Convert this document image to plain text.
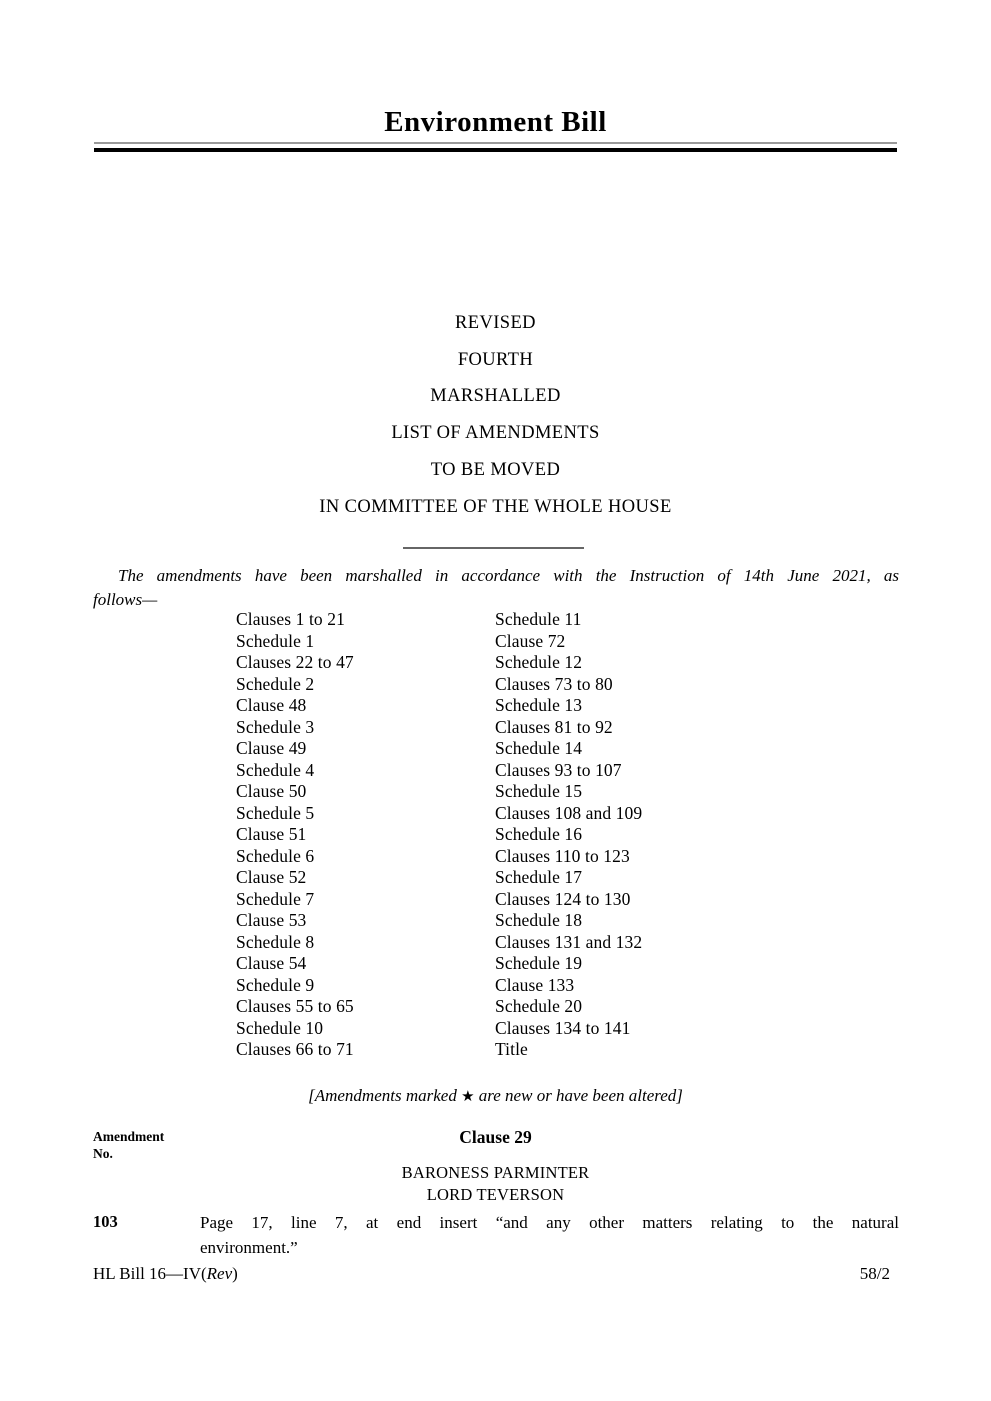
Environment Bill
REVISED
FOURTH
MARSHALLED
LIST OF AMENDMENTS
TO BE MOVED
IN COMMITTEE OF THE WHOLE HOUSE
The amendments have been marshalled in accordance with the Instruction of 14th June 2021, as
follows—
Clauses 1 to 21
Schedule 1
Clauses 22 to 47
Schedule 2
Clause 48
Schedule 3
Clause 49
Schedule 4
Clause 50
Schedule 5
Clause 51
Schedule 6
Clause 52
Schedule 7
Clause 53
Schedule 8
Clause 54
Schedule 9
Clauses 55 to 65
Schedule 10
Clauses 66 to 71
Schedule 11
Clause 72
Schedule 12
Clauses 73 to 80
Schedule 13
Clauses 81 to 92
Schedule 14
Clauses 93 to 107
Schedule 15
Clauses 108 and 109
Schedule 16
Clauses 110 to 123
Schedule 17
Clauses 124 to 130
Schedule 18
Clauses 131 and 132
Schedule 19
Clause 133
Schedule 20
Clauses 134 to 141
Title
[Amendments marked ★ are new or have been altered]
Amendment
No.
Clause 29
BARONESS PARMINTER
LORD TEVERSON
103	Page 17, line 7, at end insert “and any other matters relating to the natural
environment.”
HL Bill 16—IV(Rev)	58/2
